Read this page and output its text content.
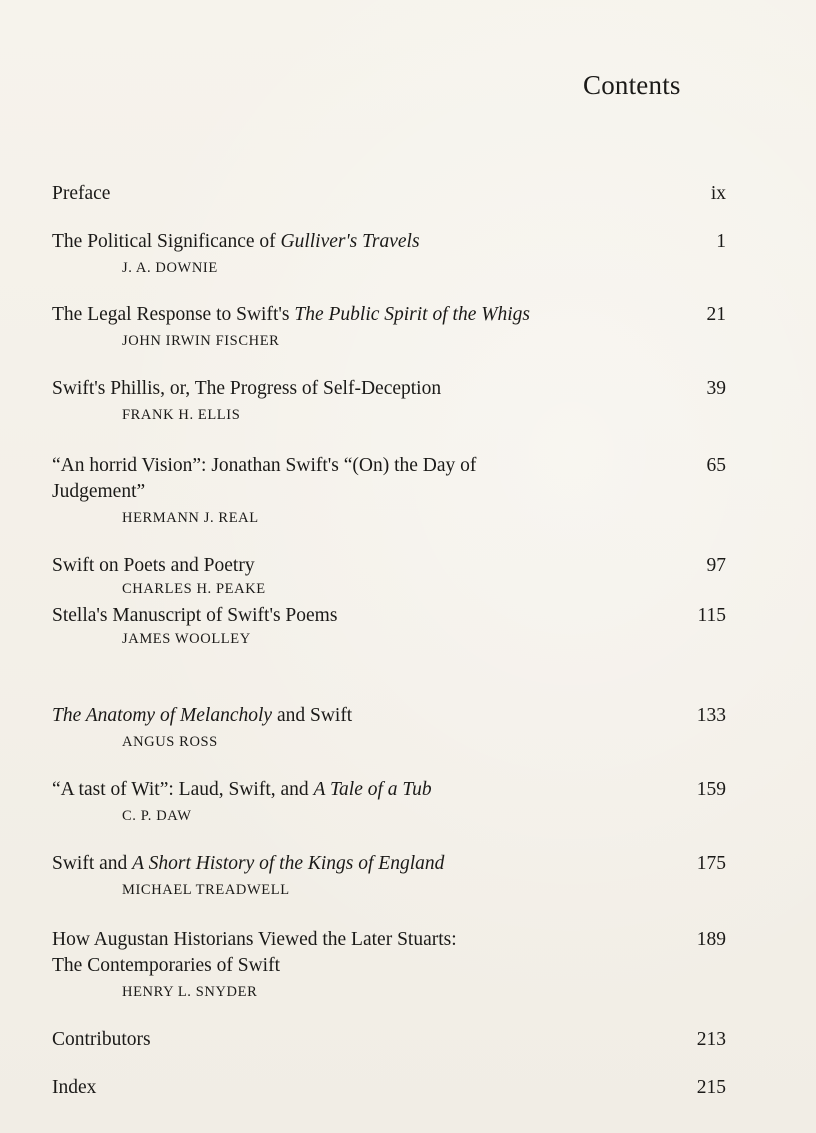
Contents
Preface	ix
The Political Significance of Gulliver's Travels	1
J. A. DOWNIE
The Legal Response to Swift's The Public Spirit of the Whigs	21
JOHN IRWIN FISCHER
Swift's Phillis, or, The Progress of Self-Deception	39
FRANK H. ELLIS
“An horrid Vision”: Jonathan Swift's “(On) the Day of	65
Judgement”
HERMANN J. REAL
Swift on Poets and Poetry	97
CHARLES H. PEAKE
Stella's Manuscript of Swift's Poems	115
JAMES WOOLLEY
The Anatomy of Melancholy and Swift	133
ANGUS ROSS
“A tast of Wit”: Laud, Swift, and A Tale of a Tub	159
C. P. DAW
Swift and A Short History of the Kings of England	175
MICHAEL TREADWELL
How Augustan Historians Viewed the Later Stuarts:	189
The Contemporaries of Swift
HENRY L. SNYDER
Contributors	213
Index	215
